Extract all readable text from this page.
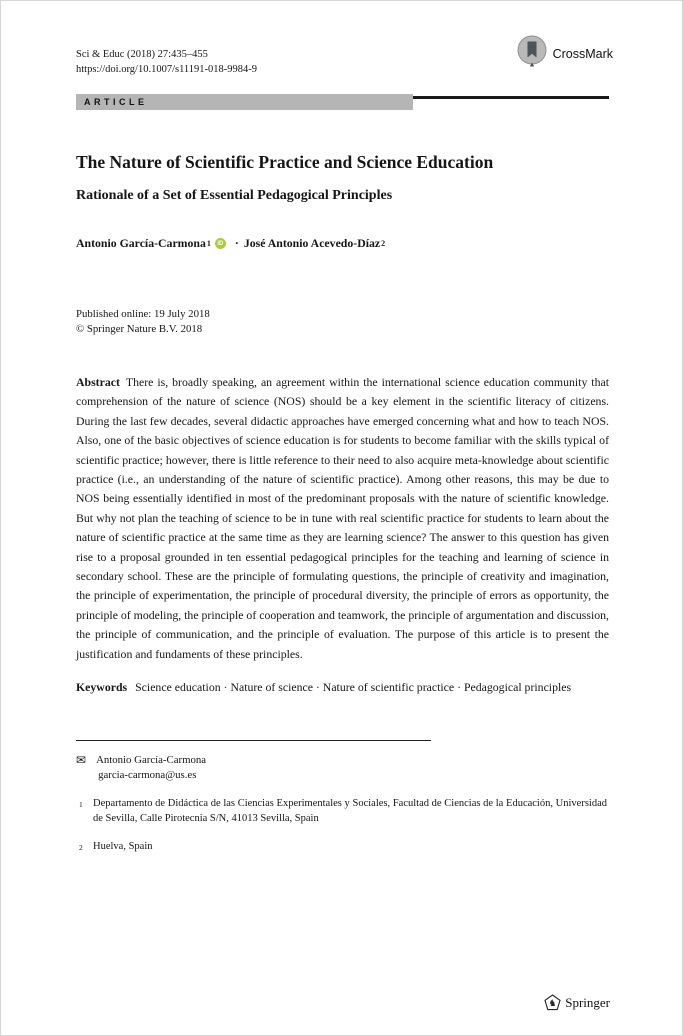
Sci & Educ (2018) 27:435–455
https://doi.org/10.1007/s11191-018-9984-9
CrossMark
ARTICLE
The Nature of Scientific Practice and Science Education
Rationale of a Set of Essential Pedagogical Principles
Antonio García-Carmona 1	iD · José Antonio Acevedo-Díaz 2
Published online: 19 July 2018
© Springer Nature B.V. 2018

Abstract There is, broadly speaking, an agreement within the international science education community that comprehension of the nature of science (NOS) should be a key element in the scientific literacy of citizens. During the last few decades, several didactic approaches have emerged concerning what and how to teach NOS. Also, one of the basic objectives of science education is for students to become familiar with the skills typical of scientific practice; however, there is little reference to their need to also acquire meta-knowledge about scientific practice (i.e., an understanding of the nature of scientific practice). Among other reasons, this may be due to NOS being essentially identified in most of the predominant proposals with the nature of scientific knowledge. But why not plan the teaching of science to be in tune with real scientific practice for students to learn about the nature of scientific practice at the same time as they are learning science? The answer to this question has given rise to a proposal grounded in ten essential pedagogical principles for the teaching and learning of science in secondary school. These are the principle of formulating questions, the principle of creativity and imagination, the principle of experimentation, the principle of procedural diversity, the principle of errors as opportunity, the principle of modeling, the principle of cooperation and teamwork, the principle of argumentation and discussion, the principle of communication, and the principle of evaluation. The purpose of this article is to present the justification and fundaments of these principles.

Keywords Science education · Nature of science · Nature of scientific practice · Pedagogical principles

✉ Antonio García-Carmona
garcia-carmona@us.es
1 Departamento de Didáctica de las Ciencias Experimentales y Sociales, Facultad de Ciencias de la Educación, Universidad de Sevilla, Calle Pirotecnia S/N, 41013 Sevilla, Spain
2 Huelva, Spain
♞ Springer
